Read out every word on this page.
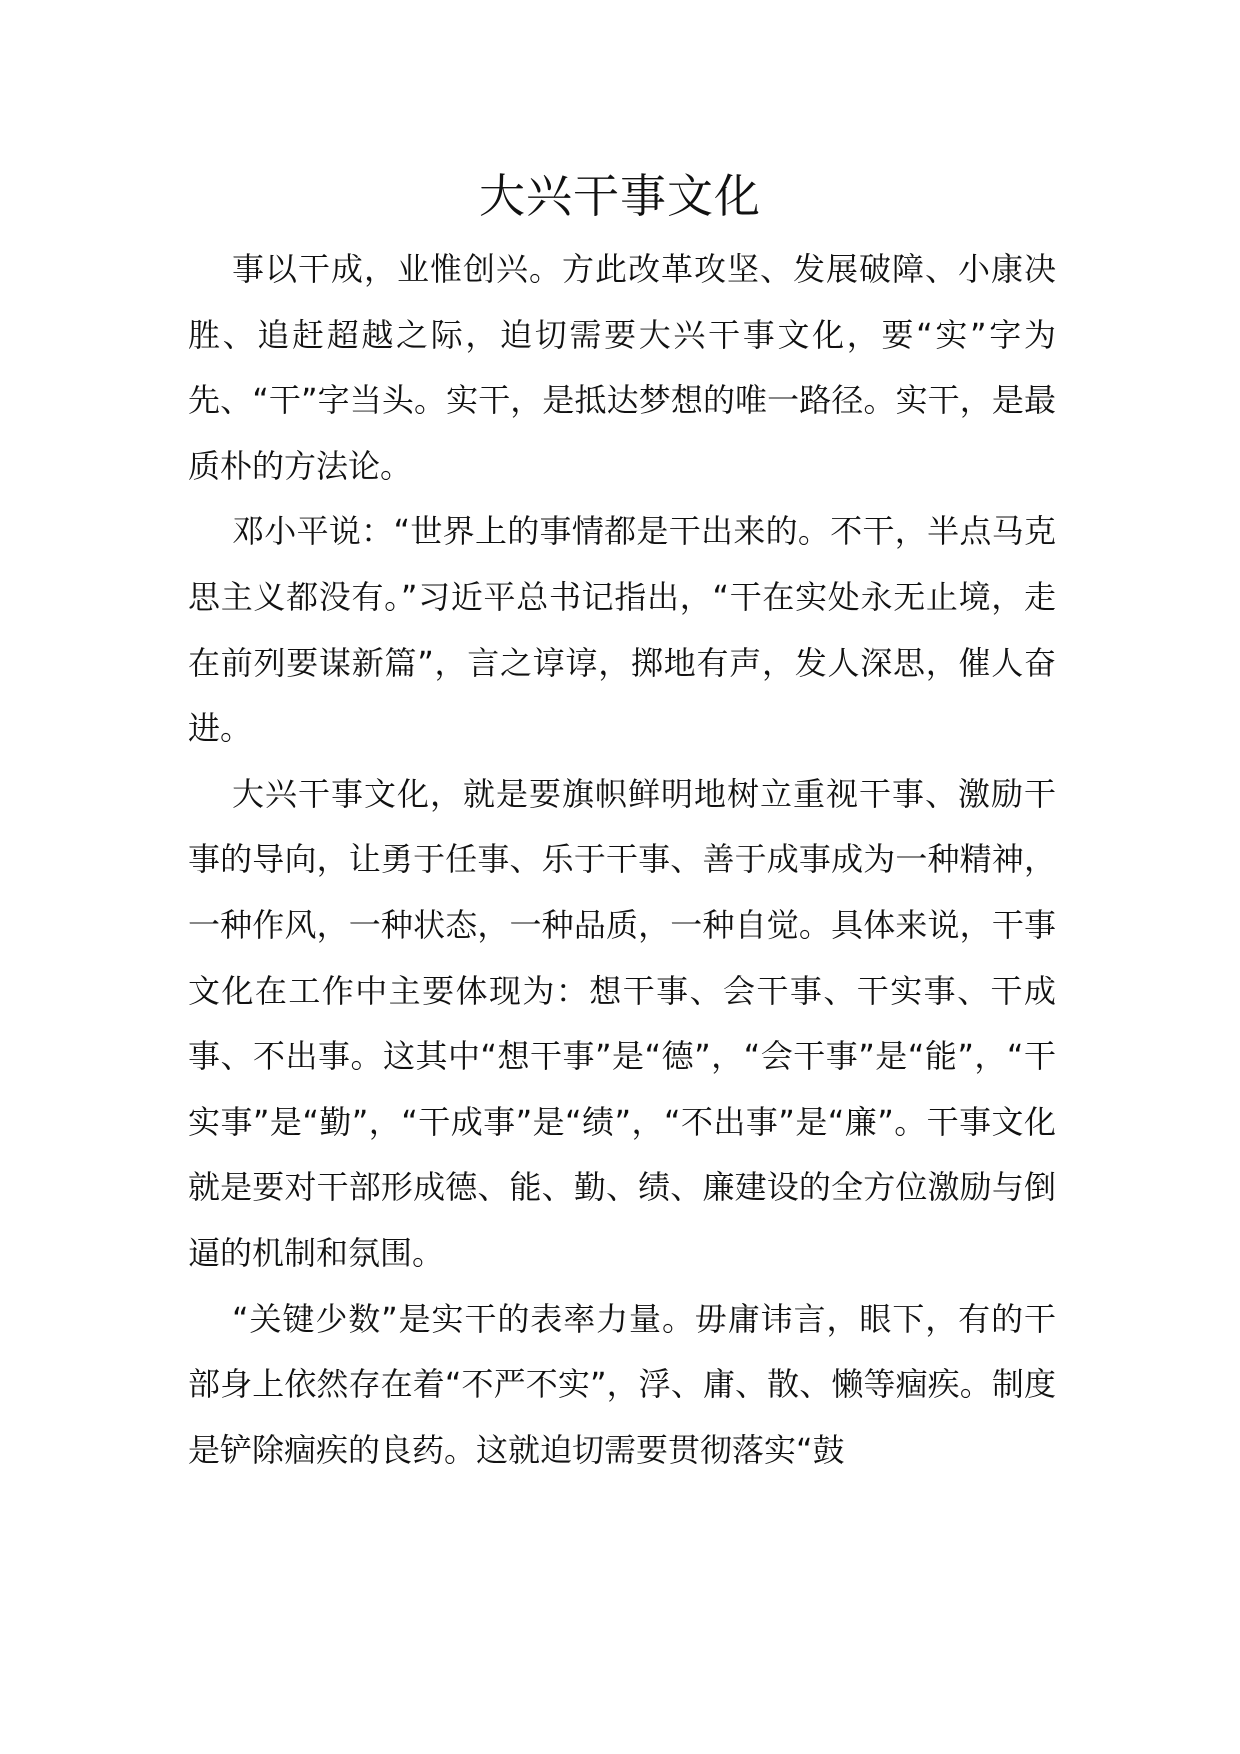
大兴干事文化

事以干成，业惟创兴。方此改革攻坚、发展破障、小康决胜、追赶超越之际，迫切需要大兴干事文化，要“实”字为先、“干”字当头。实干，是抵达梦想的唯一路径。实干，是最质朴的方法论。

邓小平说：“世界上的事情都是干出来的。不干，半点马克思主义都没有。”习近平总书记指出，“干在实处永无止境，走在前列要谋新篇”，言之谆谆，掷地有声，发人深思，催人奋进。

大兴干事文化，就是要旗帜鲜明地树立重视干事、激励干事的导向，让勇于任事、乐于干事、善于成事成为一种精神，一种作风，一种状态，一种品质，一种自觉。具体来说，干事文化在工作中主要体现为：想干事、会干事、干实事、干成事、不出事。这其中“想干事”是“德”，“会干事”是“能”，“干实事”是“勤”，“干成事”是“绩”，“不出事”是“廉”。干事文化就是要对干部形成德、能、勤、绩、廉建设的全方位激励与倒逼的机制和氛围。

“关键少数”是实干的表率力量。毋庸讳言，眼下，有的干部身上依然存在着“不严不实”，浮、庸、散、懒等痼疾。制度是铲除痼疾的良药。这就迫切需要贯彻落实“鼓
